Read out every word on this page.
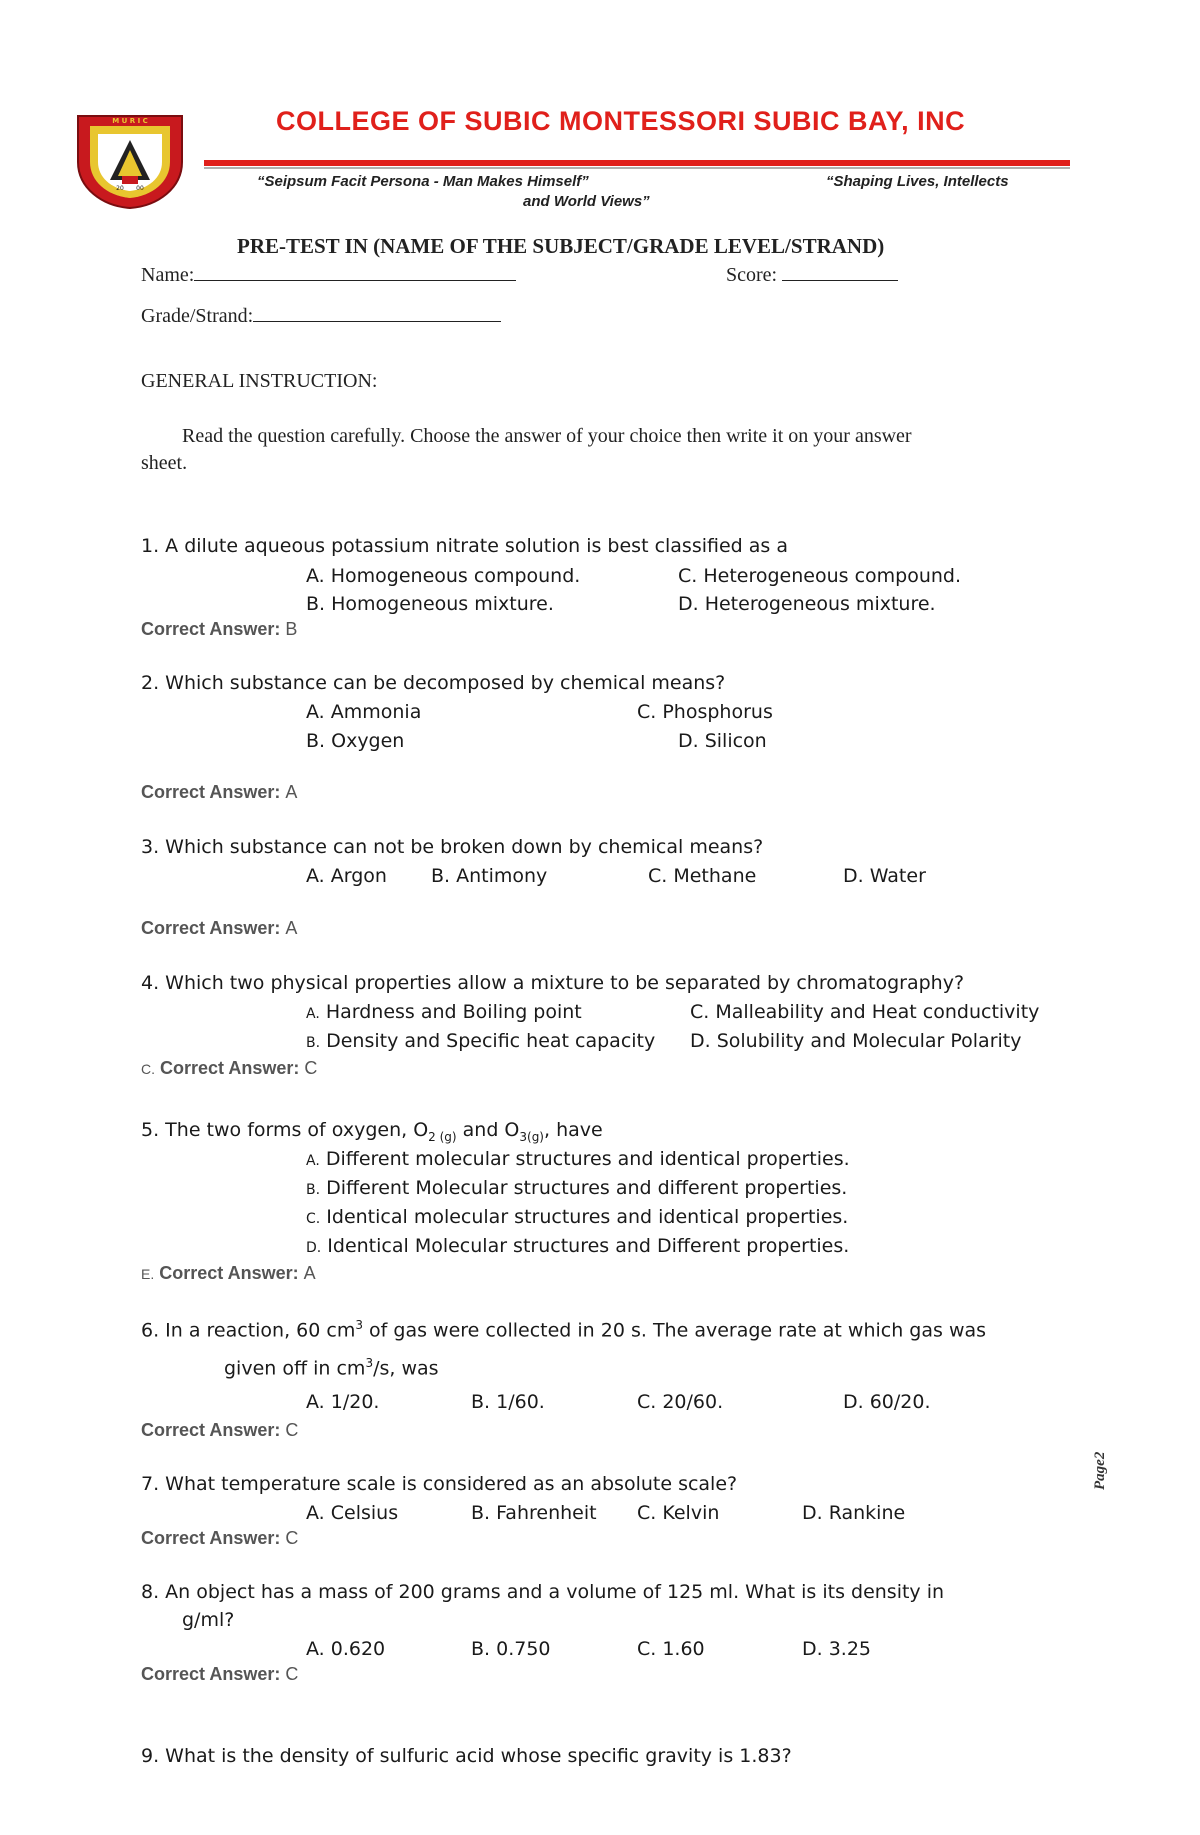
M U R I C
20 00
COLLEGE OF SUBIC MONTESSORI SUBIC BAY, INC
“Seipsum Facit Persona - Man Makes Himself”	“Shaping Lives, Intellects
and World Views”
PRE-TEST IN (NAME OF THE SUBJECT/GRADE LEVEL/STRAND)
Name:	Score:
Grade/Strand:
GENERAL INSTRUCTION:
Read the question carefully. Choose the answer of your choice then write it on your answer
sheet.
1. A dilute aqueous potassium nitrate solution is best classified as a
A. Homogeneous compound.	C. Heterogeneous compound.
B. Homogeneous mixture.	D. Heterogeneous mixture.
Correct Answer: B
2. Which substance can be decomposed by chemical means?
A. Ammonia	C. Phosphorus
B. Oxygen	D. Silicon
Correct Answer: A
3. Which substance can not be broken down by chemical means?
A. Argon B. Antimony	C. Methane	D. Water
Correct Answer: A
4. Which two physical properties allow a mixture to be separated by chromatography?
A. Hardness and Boiling point	C. Malleability and Heat conductivity
B. Density and Specific heat capacity D. Solubility and Molecular Polarity
C. Correct Answer: C
5. The two forms of oxygen, $O_{2 (g)}$ and $O_{3(g)}$, have
A. Different molecular structures and identical properties.
B. Different Molecular structures and different properties.
C. Identical molecular structures and identical properties.
D. Identical Molecular structures and Different properties.
E. Correct Answer: A
6. In a reaction, 60 $cm^3$ of gas were collected in 20 s. The average rate at which gas was
given off in $cm^3/s$, was
A. 1/20.	B. 1/60.	C. 20/60.	D. 60/20.
Correct Answer: C
7. What temperature scale is considered as an absolute scale?
A. Celsius	B. Fahrenheit C. Kelvin	D. Rankine
Correct Answer: C
8. An object has a mass of 200 grams and a volume of 125 ml. What is its density in
g/ml?
A. 0.620	B. 0.750	C. 1.60	D. 3.25
Correct Answer: C
9. What is the density of sulfuric acid whose specific gravity is 1.83?
Page2
